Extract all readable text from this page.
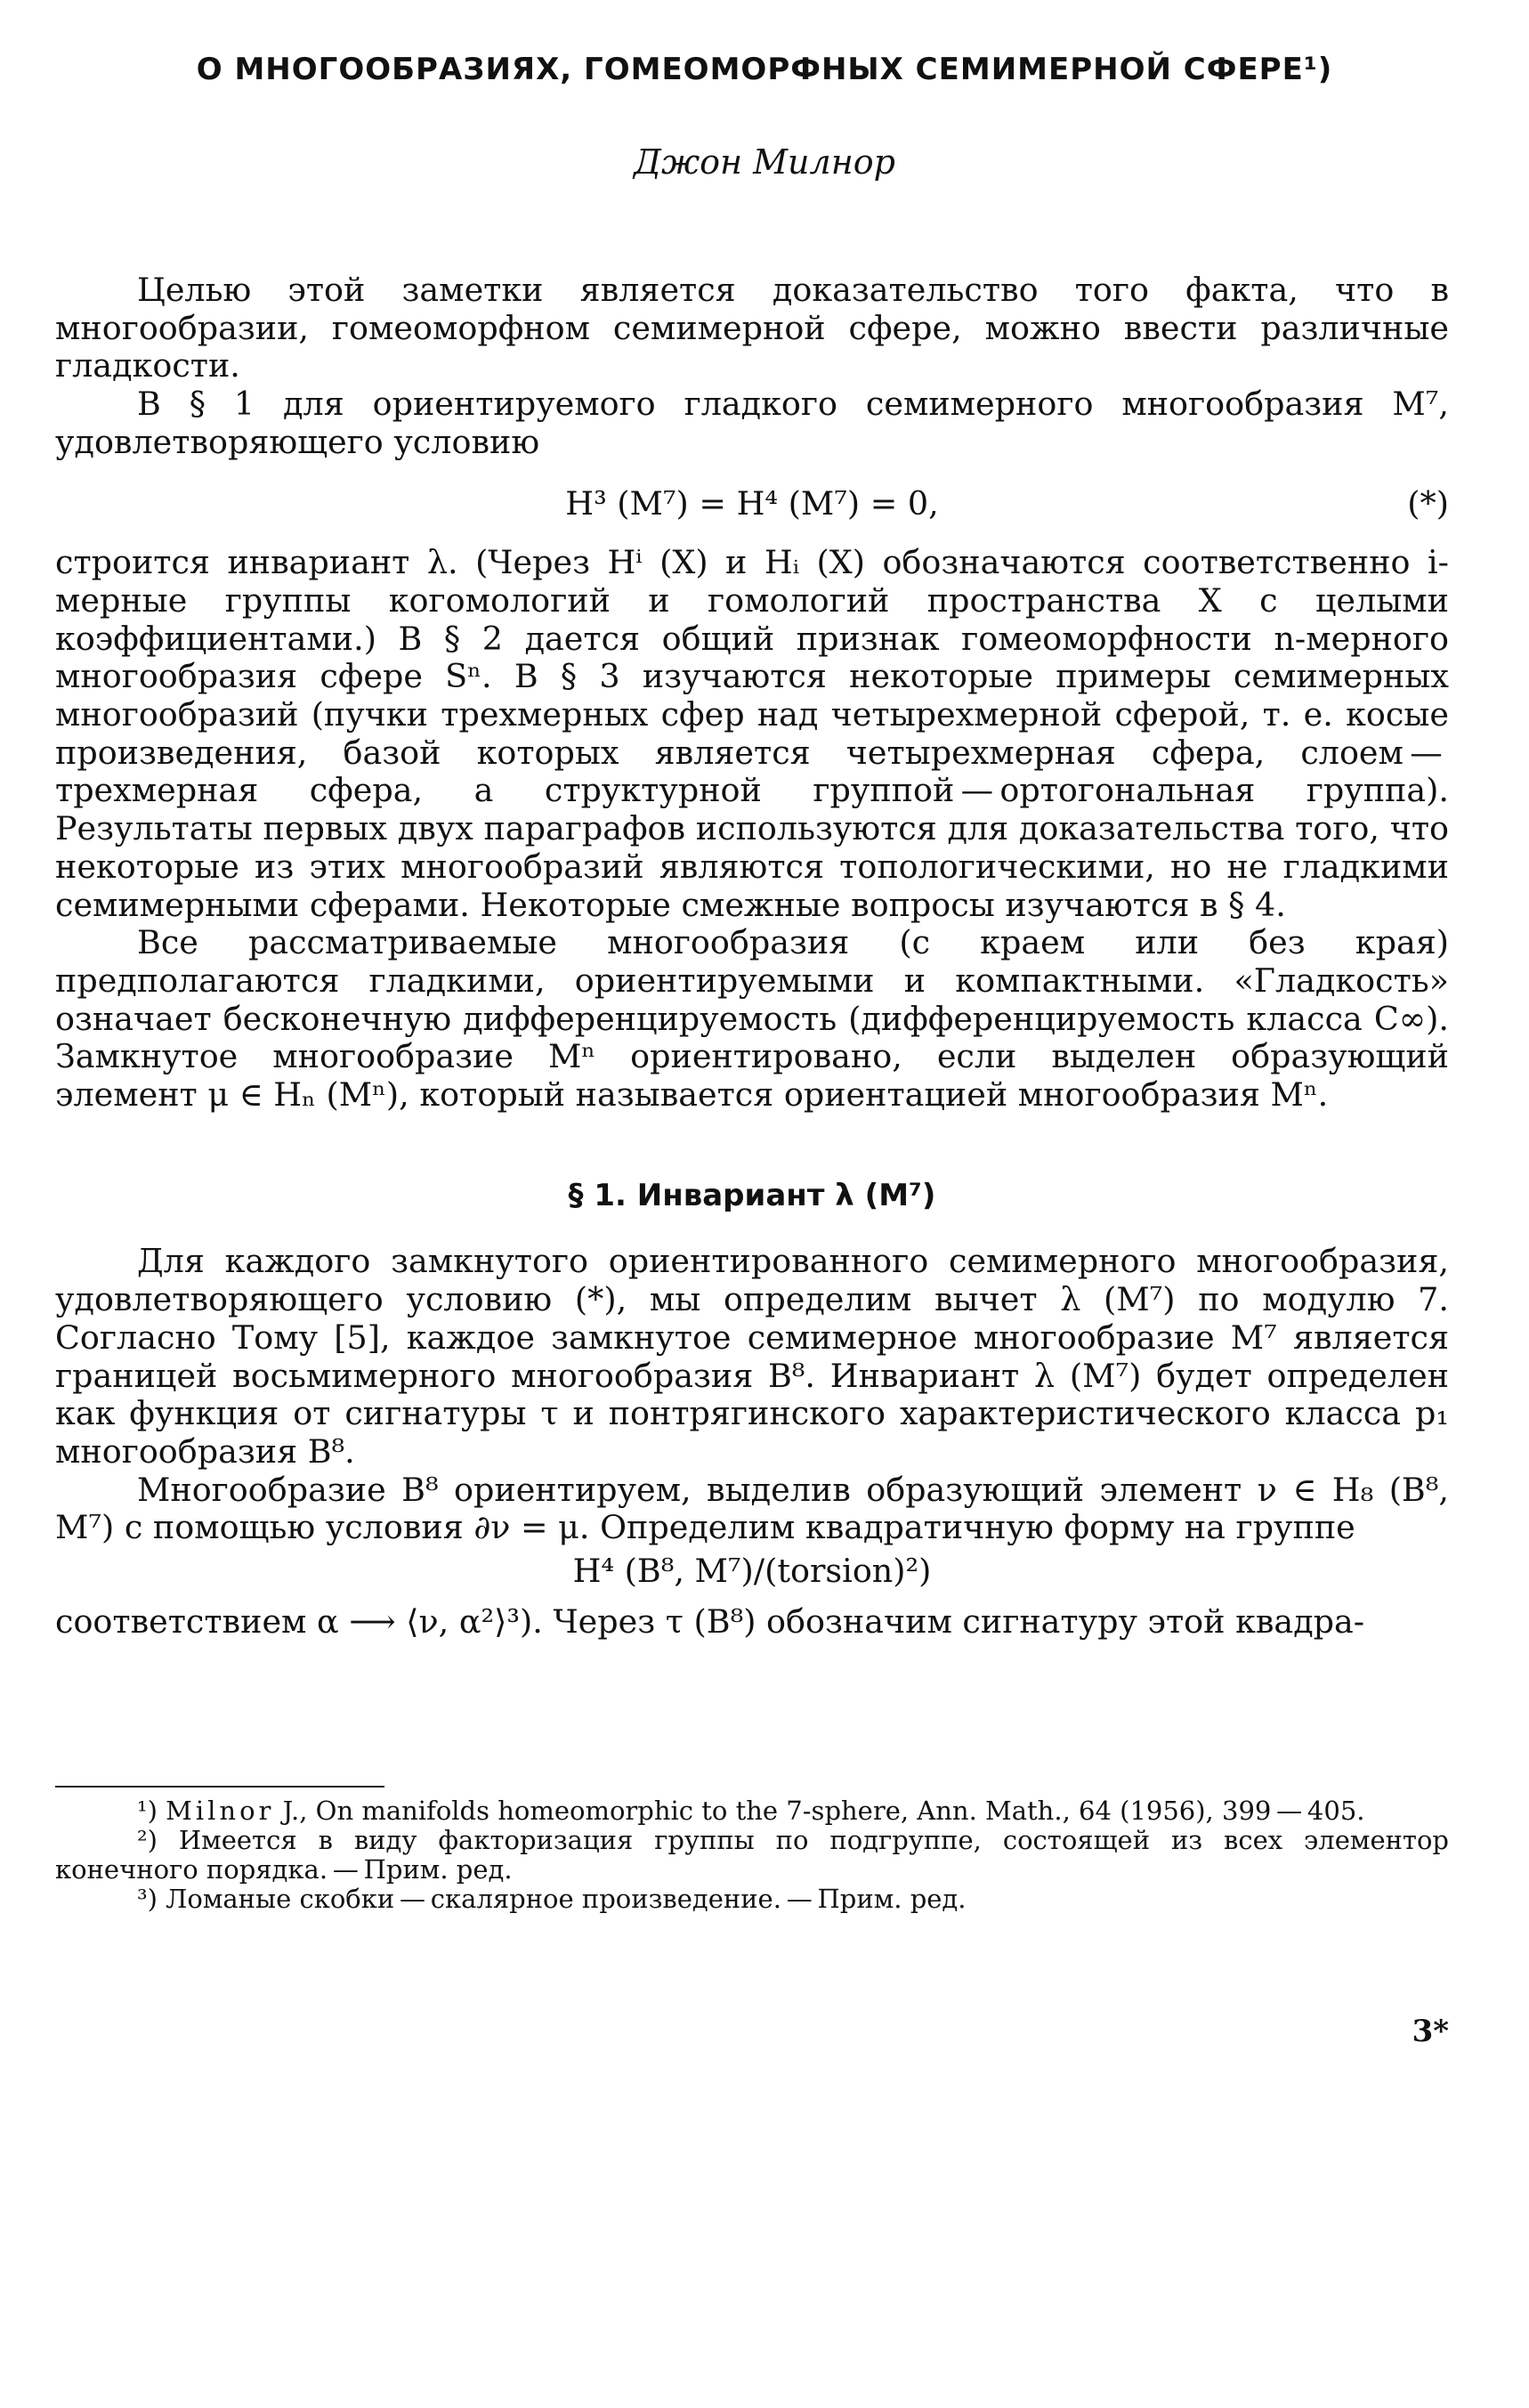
О МНОГООБРАЗИЯХ, ГОМЕОМОРФНЫХ СЕМИМЕРНОЙ СФЕРЕ¹)
Джон Милнор

Целью этой заметки является доказательство того факта, что в многообразии, гомеоморфном семимерной сфере, можно ввести различные гладкости.

В § 1 для ориентируемого гладкого семимерного многообразия M⁷, удовлетворяющего условию

H³ (M⁷) = H⁴ (M⁷) = 0,	(*)

строится инвариант λ. (Через Hⁱ (X) и Hᵢ (X) обозначаются соответственно i-мерные группы когомологий и гомологий пространства X с целыми коэффициентами.) В § 2 дается общий признак гомеоморфности n-мерного многообразия сфере Sⁿ. В § 3 изучаются некоторые примеры семимерных многообразий (пучки трехмерных сфер над четырехмерной сферой, т. е. косые произведения, базой которых является четырехмерная сфера, слоем — трехмерная сфера, а структурной группой — ортогональная группа). Результаты первых двух параграфов используются для доказательства того, что некоторые из этих многообразий являются топологическими, но не гладкими семимерными сферами. Некоторые смежные вопросы изучаются в § 4.

Все рассматриваемые многообразия (с краем или без края) предполагаются гладкими, ориентируемыми и компактными. «Гладкость» означает бесконечную дифференцируемость (дифференцируемость класса C∞). Замкнутое многообразие Mⁿ ориентировано, если выделен образующий элемент μ ∈ Hₙ (Mⁿ), который называется ориентацией многообразия Mⁿ.

§ 1. Инвариант λ (M⁷)

Для каждого замкнутого ориентированного семимерного многообразия, удовлетворяющего условию (*), мы определим вычет λ (M⁷) по модулю 7. Согласно Тому [5], каждое замкнутое семимерное многообразие M⁷ является границей восьмимерного многообразия B⁸. Инвариант λ (M⁷) будет определен как функция от сигнатуры τ и понтрягинского характеристического класса p₁ многообразия B⁸.

Многообразие B⁸ ориентируем, выделив образующий элемент ν ∈ H₈ (B⁸, M⁷) с помощью условия ∂ν = μ. Определим квадратичную форму на группе

H⁴ (B⁸, M⁷)/(torsion)²)

соответствием α ⟶ ⟨ν, α²⟩³). Через τ (B⁸) обозначим сигнатуру этой квадра-

¹) Milnor J., On manifolds homeomorphic to the 7-sphere, Ann. Math., 64 (1956), 399 — 405.

²) Имеется в виду факторизация группы по подгруппе, состоящей из всех элементор конечного порядка. — Прим. ред.

³) Ломаные скобки — скалярное произведение. — Прим. ред.

3*
